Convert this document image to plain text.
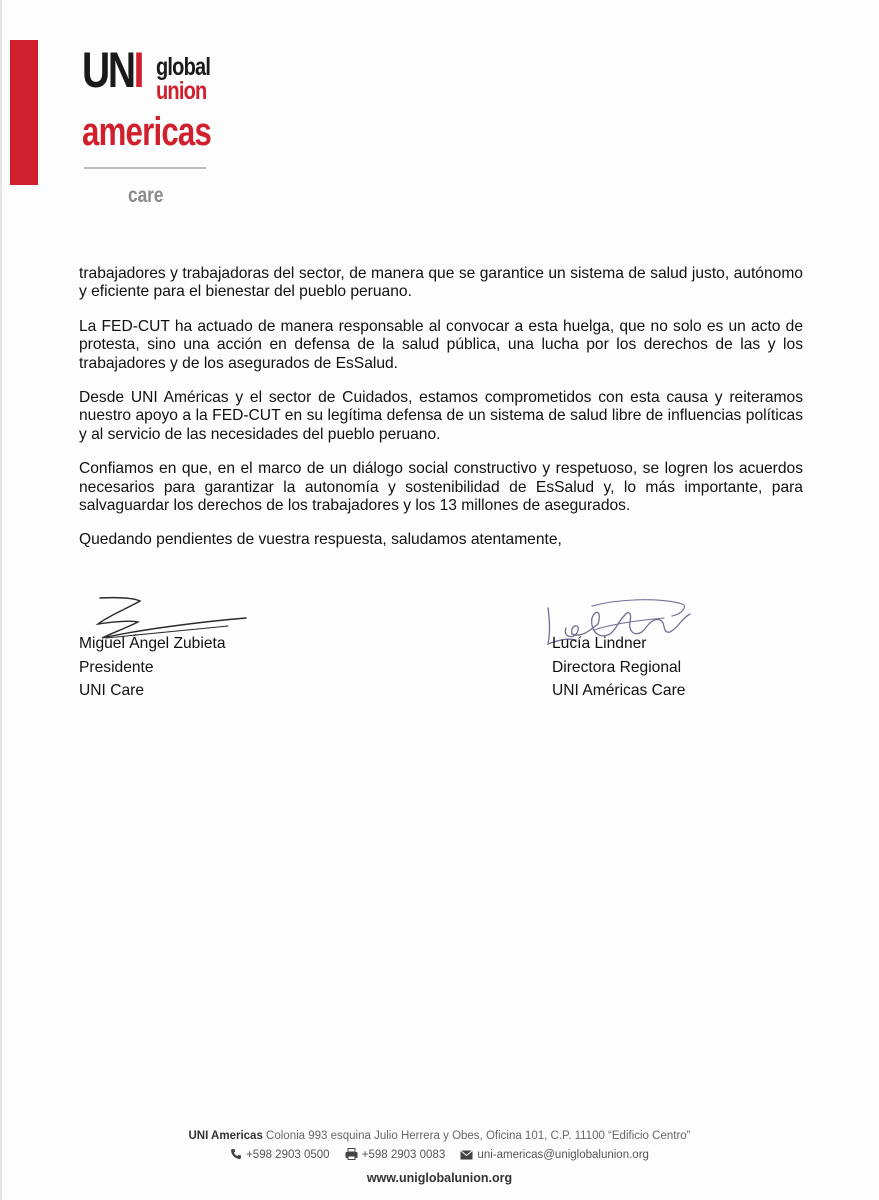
UNI global
union
americas
care

trabajadores y trabajadoras del sector, de manera que se garantice un sistema de salud justo, autónomo y eficiente para el bienestar del pueblo peruano.

La FED-CUT ha actuado de manera responsable al convocar a esta huelga, que no solo es un acto de protesta, sino una acción en defensa de la salud pública, una lucha por los derechos de las y los trabajadores y de los asegurados de EsSalud.

Desde UNI Américas y el sector de Cuidados, estamos comprometidos con esta causa y reiteramos nuestro apoyo a la FED-CUT en su legítima defensa de un sistema de salud libre de influencias políticas y al servicio de las necesidades del pueblo peruano.

Confiamos en que, en el marco de un diálogo social constructivo y respetuoso, se logren los acuerdos necesarios para garantizar la autonomía y sostenibilidad de EsSalud y, lo más importante, para salvaguardar los derechos de los trabajadores y los 13 millones de asegurados.

Quedando pendientes de vuestra respuesta, saludamos atentamente,

Miguel Ángel Zubieta
Presidente
UNI Care
Lucía Lindner
Directora Regional
UNI Américas Care
UNI Americas Colonia 993 esquina Julio Herrera y Obes, Oficina 101, C.P. 11100 “Edificio Centro”
+598 2903 0500	+598 2903 0083	uni-americas@uniglobalunion.org
www.uniglobalunion.org
